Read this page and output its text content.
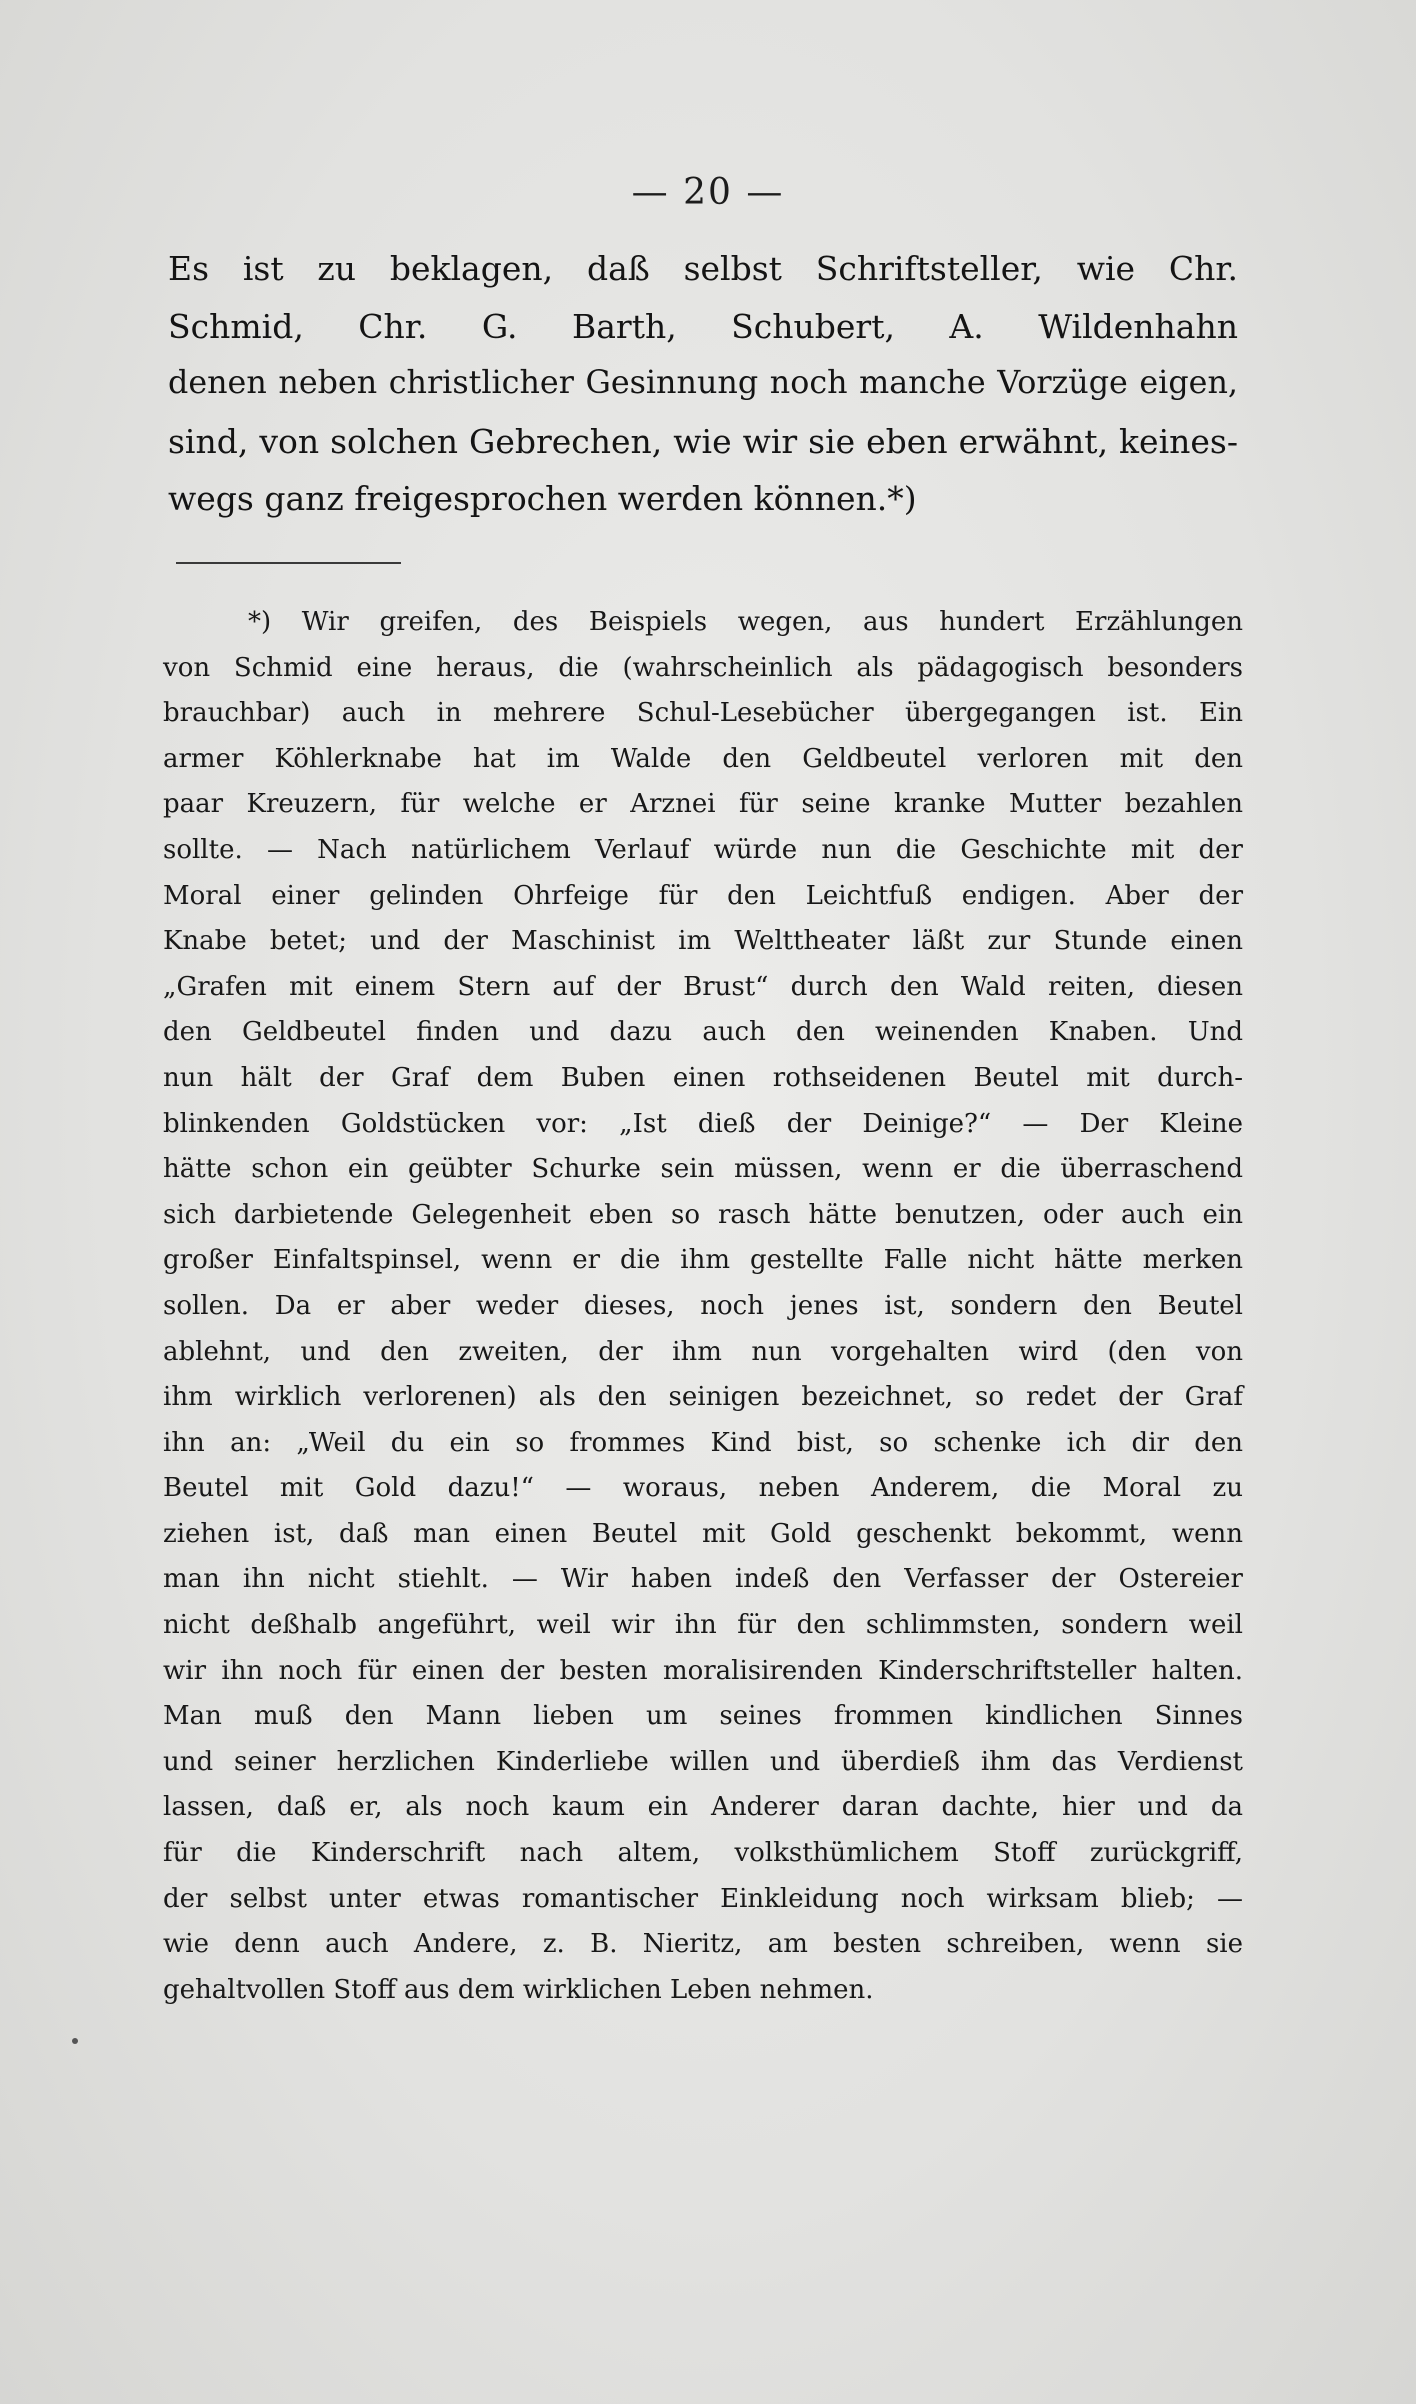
— 20 —
Es ist zu beklagen, daß selbst Schriftsteller, wie Chr.
Schmid, Chr. G. Barth, Schubert, A. Wildenhahn
denen neben christlicher Gesinnung noch manche Vorzüge eigen,
sind, von solchen Gebrechen, wie wir sie eben erwähnt, keines-
wegs ganz freigesprochen werden können.*)
*) Wir greifen, des Beispiels wegen, aus hundert Erzählungen
von Schmid eine heraus, die (wahrscheinlich als pädagogisch besonders
brauchbar) auch in mehrere Schul-Lesebücher übergegangen ist. Ein
armer Köhlerknabe hat im Walde den Geldbeutel verloren mit den
paar Kreuzern, für welche er Arznei für seine kranke Mutter bezahlen
sollte. — Nach natürlichem Verlauf würde nun die Geschichte mit der
Moral einer gelinden Ohrfeige für den Leichtfuß endigen. Aber der
Knabe betet; und der Maschinist im Welttheater läßt zur Stunde einen
„Grafen mit einem Stern auf der Brust“ durch den Wald reiten, diesen
den Geldbeutel finden und dazu auch den weinenden Knaben. Und
nun hält der Graf dem Buben einen rothseidenen Beutel mit durch-
blinkenden Goldstücken vor: „Ist dieß der Deinige?“ — Der Kleine
hätte schon ein geübter Schurke sein müssen, wenn er die überraschend
sich darbietende Gelegenheit eben so rasch hätte benutzen, oder auch ein
großer Einfaltspinsel, wenn er die ihm gestellte Falle nicht hätte merken
sollen. Da er aber weder dieses, noch jenes ist, sondern den Beutel
ablehnt, und den zweiten, der ihm nun vorgehalten wird (den von
ihm wirklich verlorenen) als den seinigen bezeichnet, so redet der Graf
ihn an: „Weil du ein so frommes Kind bist, so schenke ich dir den
Beutel mit Gold dazu!“ — woraus, neben Anderem, die Moral zu
ziehen ist, daß man einen Beutel mit Gold geschenkt bekommt, wenn
man ihn nicht stiehlt. — Wir haben indeß den Verfasser der Ostereier
nicht deßhalb angeführt, weil wir ihn für den schlimmsten, sondern weil
wir ihn noch für einen der besten moralisirenden Kinderschriftsteller halten.
Man muß den Mann lieben um seines frommen kindlichen Sinnes
und seiner herzlichen Kinderliebe willen und überdieß ihm das Verdienst
lassen, daß er, als noch kaum ein Anderer daran dachte, hier und da
für die Kinderschrift nach altem, volksthümlichem Stoff zurückgriff,
der selbst unter etwas romantischer Einkleidung noch wirksam blieb; —
wie denn auch Andere, z. B. Nieritz, am besten schreiben, wenn sie
gehaltvollen Stoff aus dem wirklichen Leben nehmen.
